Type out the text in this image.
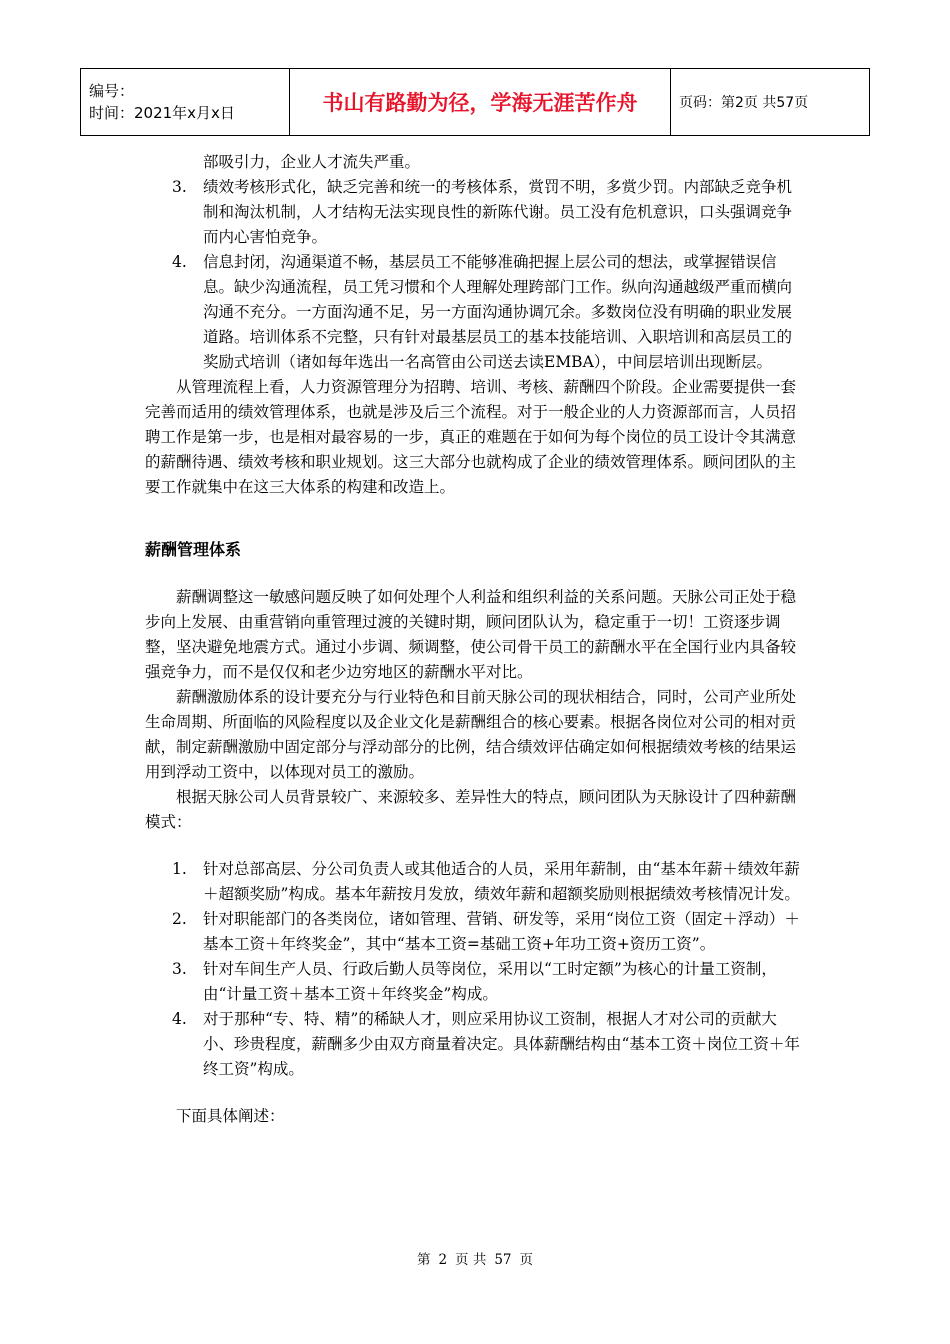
编号：
时间：2021年x月x日	书山有路勤为径，学海无涯苦作舟	页码：第2页 共57页
部吸引力，企业人才流失严重。
3. 绩效考核形式化，缺乏完善和统一的考核体系，赏罚不明，多赏少罚。内部缺乏竞争机制和淘汰机制，人才结构无法实现良性的新陈代谢。员工没有危机意识，口头强调竞争而内心害怕竞争。
4. 信息封闭，沟通渠道不畅，基层员工不能够准确把握上层公司的想法，或掌握错误信息。缺少沟通流程，员工凭习惯和个人理解处理跨部门工作。纵向沟通越级严重而横向沟通不充分。一方面沟通不足，另一方面沟通协调冗余。多数岗位没有明确的职业发展道路。培训体系不完整，只有针对最基层员工的基本技能培训、入职培训和高层员工的奖励式培训（诸如每年选出一名高管由公司送去读EMBA），中间层培训出现断层。

从管理流程上看，人力资源管理分为招聘、培训、考核、薪酬四个阶段。企业需要提供一套完善而适用的绩效管理体系，也就是涉及后三个流程。对于一般企业的人力资源部而言，人员招聘工作是第一步，也是相对最容易的一步，真正的难题在于如何为每个岗位的员工设计令其满意的薪酬待遇、绩效考核和职业规划。这三大部分也就构成了企业的绩效管理体系。顾问团队的主要工作就集中在这三大体系的构建和改造上。

薪酬管理体系

薪酬调整这一敏感问题反映了如何处理个人利益和组织利益的关系问题。天脉公司正处于稳步向上发展、由重营销向重管理过渡的关键时期，顾问团队认为，稳定重于一切！工资逐步调整，坚决避免地震方式。通过小步调、频调整，使公司骨干员工的薪酬水平在全国行业内具备较强竞争力，而不是仅仅和老少边穷地区的薪酬水平对比。

薪酬激励体系的设计要充分与行业特色和目前天脉公司的现状相结合，同时，公司产业所处生命周期、所面临的风险程度以及企业文化是薪酬组合的核心要素。根据各岗位对公司的相对贡献，制定薪酬激励中固定部分与浮动部分的比例，结合绩效评估确定如何根据绩效考核的结果运用到浮动工资中，以体现对员工的激励。

根据天脉公司人员背景较广、来源较多、差异性大的特点，顾问团队为天脉设计了四种薪酬模式：

1. 针对总部高层、分公司负责人或其他适合的人员，采用年薪制，由“基本年薪＋绩效年薪＋超额奖励”构成。基本年薪按月发放，绩效年薪和超额奖励则根据绩效考核情况计发。
2. 针对职能部门的各类岗位，诸如管理、营销、研发等，采用“岗位工资（固定＋浮动）＋基本工资＋年终奖金”，其中“基本工资=基础工资+年功工资+资历工资”。
3. 针对车间生产人员、行政后勤人员等岗位，采用以“工时定额”为核心的计量工资制，由“计量工资＋基本工资＋年终奖金”构成。
4. 对于那种“专、特、精”的稀缺人才，则应采用协议工资制，根据人才对公司的贡献大小、珍贵程度，薪酬多少由双方商量着决定。具体薪酬结构由“基本工资＋岗位工资＋年终工资”构成。

下面具体阐述：

第 2 页 共 57 页
